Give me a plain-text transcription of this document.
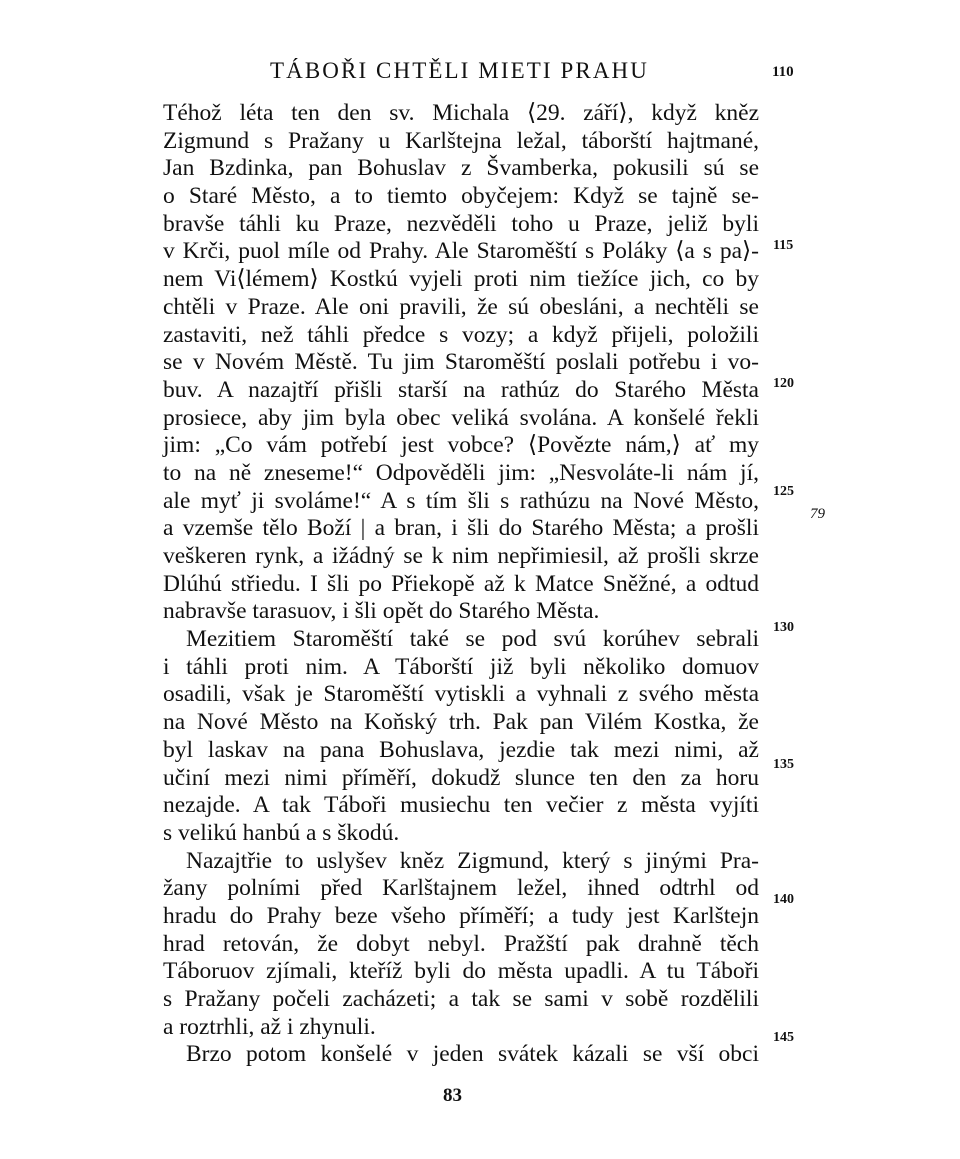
TÁBOŘI CHTĚLI MIETI PRAHU	110
Téhož léta ten den sv. Michala ⟨29. září⟩, když kněz
Zigmund s Pražany u Karlštejna ležal, táborští hajtmané,
Jan Bzdinka, pan Bohuslav z Švamberka, pokusili sú se
o Staré Město, a to tiemto obyčejem: Když se tajně se-
bravše táhli ku Praze, nezvěděli toho u Praze, jeliž byli
v Krči, puol míle od Prahy. Ale Staroměští s Poláky ⟨a s pa⟩-
nem Vi⟨lémem⟩ Kostkú vyjeli proti nim tiežíce jich, co by
chtěli v Praze. Ale oni pravili, že sú obesláni, a nechtěli se
zastaviti, než táhli předce s vozy; a když přijeli, položili
se v Novém Městě. Tu jim Staroměští poslali potřebu i vo-
buv. A nazajtří přišli starší na rathúz do Starého Města
prosiece, aby jim byla obec veliká svolána. A konšelé řekli
jim: „Co vám potřebí jest vobce? ⟨Povězte nám,⟩ ať my
to na ně zneseme!“ Odpověděli jim: „Nesvoláte-li nám jí,
ale myť ji svoláme!“ A s tím šli s rathúzu na Nové Město,
a vzemše tělo Boží | a bran, i šli do Starého Města; a prošli
veškeren rynk, a ižádný se k nim nepřimiesil, až prošli skrze
Dlúhú střiedu. I šli po Přiekopě až k Matce Sněžné, a odtud
nabravše tarasuov, i šli opět do Starého Města.
Mezitiem Staroměští také se pod svú korúhev sebrali
i táhli proti nim. A Táborští již byli několiko domuov
osadili, však je Staroměští vytiskli a vyhnali z svého města
na Nové Město na Koňský trh. Pak pan Vilém Kostka, že
byl laskav na pana Bohuslava, jezdie tak mezi nimi, až
učiní mezi nimi příměří, dokudž slunce ten den za horu
nezajde. A tak Táboři musiechu ten večier z města vyjíti
s velikú hanbú a s škodú.
Nazajtřie to uslyšev kněz Zigmund, který s jinými Pra-
žany polními před Karlštajnem ležel, ihned odtrhl od
hradu do Prahy beze všeho příměří; a tudy jest Karlštejn
hrad retován, že dobyt nebyl. Pražští pak drahně těch
Táboruov zjímali, kteříž byli do města upadli. A tu Táboři
s Pražany počeli zacházeti; a tak se sami v sobě rozdělili
a roztrhli, až i zhynuli.
Brzo potom konšelé v jeden svátek kázali se vší obci
115
120
125
130
135
140
145
79
83
